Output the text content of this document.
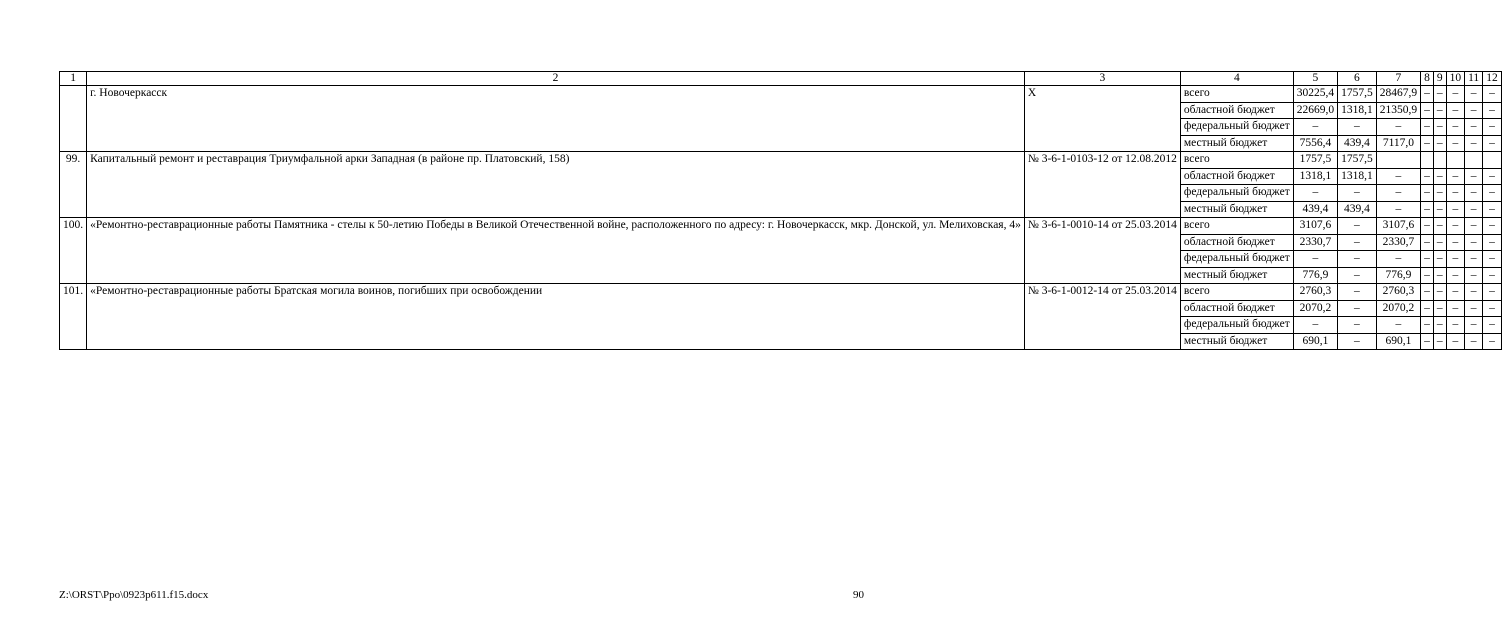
1	2	3	4	5	6	7	8	9	10	11	12
	г. Новочеркасск	X	всего	30225,4	1757,5	28467,9	–	–	–	–	–
			областной бюджет	22669,0	1318,1	21350,9	–	–	–	–	–
			федеральный бюджет	–	–	–	–	–	–	–	–
			местный бюджет	7556,4	439,4	7117,0	–	–	–	–	–
99.	Капитальный ремонт и реставрация Триумфальной арки Западная (в районе пр. Платовский, 158)	№ 3-6-1-0103-12 от 12.08.2012	всего	1757,5	1757,5						
			областной бюджет	1318,1	1318,1	–	–	–	–	–	–
			федеральный бюджет	–	–	–	–	–	–	–	–
			местный бюджет	439,4	439,4	–	–	–	–	–	–
100.	«Ремонтно-реставрационные работы Памятника - стелы к 50-летию Победы в Великой Отечественной войне, расположенного по адресу: г. Новочеркасск, мкр. Донской, ул. Мелиховская, 4»	№ 3-6-1-0010-14 от 25.03.2014	всего	3107,6	–	3107,6	–	–	–	–	–
			областной бюджет	2330,7	–	2330,7	–	–	–	–	–
			федеральный бюджет	–	–	–	–	–	–	–	–
			местный бюджет	776,9	–	776,9	–	–	–	–	–
101.	«Ремонтно-реставрационные работы Братская могила воинов, погибших при освобождении	№ 3-6-1-0012-14 от 25.03.2014	всего	2760,3	–	2760,3	–	–	–	–	–
			областной бюджет	2070,2	–	2070,2	–	–	–	–	–
			федеральный бюджет	–	–	–	–	–	–	–	–
			местный бюджет	690,1	–	690,1	–	–	–	–	–
Z:\ORST\Ppo\0923p611.f15.docx	90
